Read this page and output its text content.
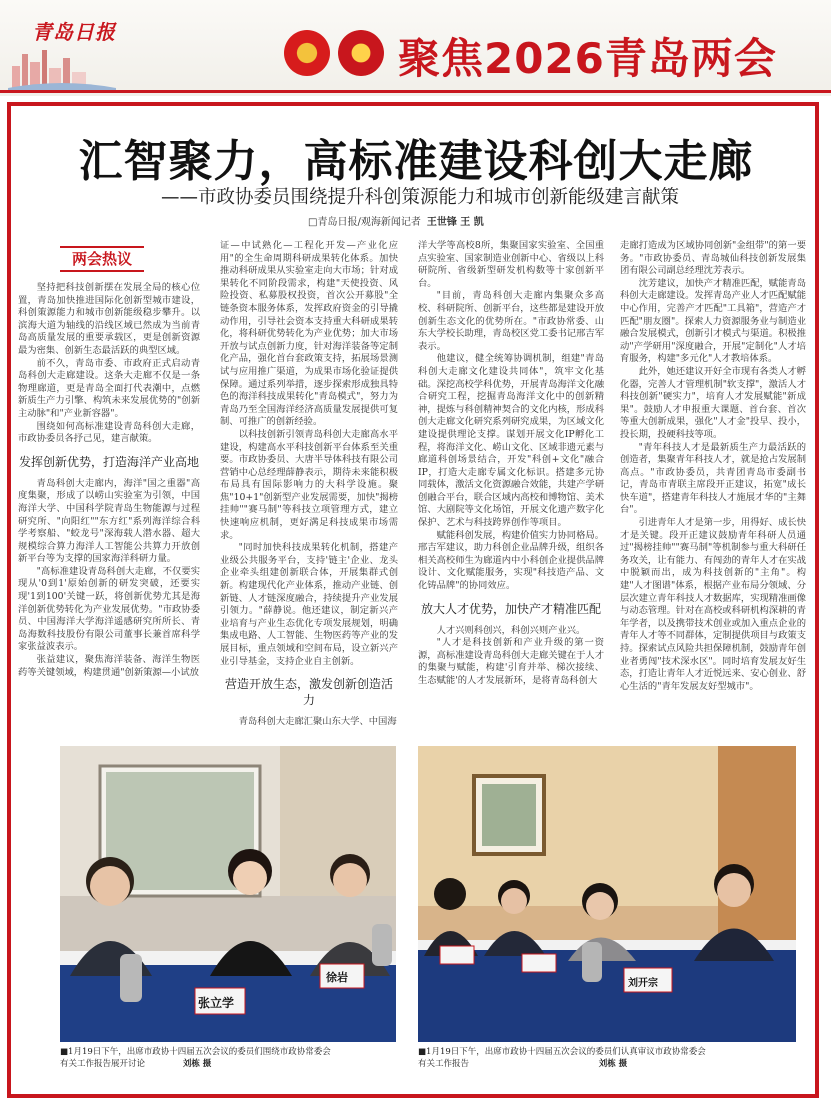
青岛日报
聚焦2026青岛两会
汇智聚力，高标准建设科创大走廊
——市政协委员围绕提升科创策源能力和城市创新能级建言献策
□青岛日报/观海新闻记者 王世锋 王 凯
两会热议

坚持把科技创新摆在发展全局的核心位置，青岛加快推进国际化创新型城市建设，科创策源能力和城市创新能级稳步攀升。以滨海大道为轴线的沿线区域已然成为当前青岛高质量发展的重要承载区，更是创新资源最为密集、创新生态最活跃的典型区域。

前不久，青岛市委、市政府正式启动青岛科创大走廊建设。这条大走廊不仅是一条物理廊道，更是青岛全面打代表潮中，点燃新质生产力引擎、构筑未来发展优势的"创新主动脉"和"产业新容器"。

围绕如何高标准建设青岛科创大走廊，市政协委员各抒己见，建言献策。

发挥创新优势，打造海洋产业高地

青岛科创大走廊内，海洋"国之重器"高度集聚，形成了以崂山实验室为引领，中国海洋大学、中国科学院青岛生物能源与过程研究所、"向阳红""东方红"系列海洋综合科学考察船、"蛟龙号"深海载人潜水器、超大规模综合算力海洋人工智能公共算力开放创新平台等为支撑的国家海洋科研力量。

"高标准建设青岛科创大走廊，不仅要实现从'0到1'原始创新的研发突破，还要实现'1到100'关键一跃，将创新优势尤其是海洋创新优势转化为产业发展优势。"市政协委员、中国海洋大学海洋遥感研究所所长、青岛海数科技股份有限公司董事长兼首席科学家张益波表示。

张益建议，聚焦海洋装备、海洋生物医药等关键领域，构建贯通"创新策源—小试放

证—中试熟化—工程化开发—产业化应用"的全生命周期科研成果转化体系。加快推动科研成果从实验室走向大市场；针对成果转化不同阶段需求，构建"天使投资、风险投资、私募股权投资，首次公开募股"全链条资本服务体系，发挥政府资金的引导撬动作用，引导社会资本支持重大科研成果转化，将科研优势转化为产业优势；加大市场开放与试点创新力度，针对海洋装备等定制化产品，强化首台套政策支持，拓展场景测试与应用推广渠道，为成果市场化验证提供保障。通过系列举措，逐步探索形成独具特色的海洋科技成果转化"青岛模式"，努力为青岛乃至全国海洋经济高质量发展提供可复制、可推广的创新经验。

以科技创新引领青岛科创大走廊高水平建设，构建高水平科技创新平台体系至关重要。市政协委员、大唐半导体科技有限公司营销中心总经理薛静表示，期待未来能积极布局具有国际影响力的大科学设施。聚焦"10+1"创新型产业发展需要，加快"揭榜挂帅""赛马制"等科技立项管理方式，建立快速响应机制，更好满足科技成果市场需求。

"同时加快科技成果转化机制，搭建产业级公共服务平台，支持'链主'企业、龙头企业牵头组建创新联合体，开展集群式创新。构建现代化产业体系，推动产业链、创新链、人才链深度融合，持续提升产业发展引领力。"薛静说。他还建议，制定新兴产业培育与产业生态优化专项发展规划，明确集成电路、人工智能、生物医药等产业的发展目标，重点领域和空间布局，设立新兴产业引导基金，支持企业自主创新。

营造开放生态，激发创新创造活力

青岛科创大走廊汇聚山东大学、中国海

洋大学等高校8所，集聚国家实验室、全国重点实验室、国家制造业创新中心、省级以上科研院所、省级新型研发机构数等十家创新平台。

"目前，青岛科创大走廊内集聚众多高校、科研院所、创新平台，这些都是建设开放创新生态文化的优势所在。"市政协常委、山东大学校长助理，青岛校区党工委书记邢吉军表示。

他建议，健全统筹协调机制，组建"青岛科创大走廊文化建设共同体"，筑牢文化基础。深挖高校学科优势，开展青岛海洋文化融合研究工程，挖掘青岛海洋文化中的创新精神，提炼与科创精神契合的文化内核，形成科创大走廊文化研究系列研究成果，为区域文化建设提供理论支撑。谋划开展文化IP孵化工程，将海洋文化、崂山文化、区域非遗元素与廊道科创场景结合，开发"科创+文化"融合IP，打造大走廊专属文化标识。搭建多元协同载体，激活文化资源融合效能，共建产学研创融合平台，联合区域内高校和博物馆、美术馆、大剧院等文化场馆，开展文化遗产数字化保护、艺术与科技跨界创作等项目。

赋能科创发展，构建价值实力协同格局。邢吉军建议，助力科创企业品牌升级，组织各相关高校师生为廊道内中小科创企业提供品牌设计、文化赋能服务，实现"科技造产品、文化铸品牌"的协同效应。

放大人才优势，加快产才精准匹配

人才兴则科创兴，科创兴则产业兴。

"人才是科技创新和产业升级的第一资源，高标准建设青岛科创大走廊关键在于人才的集聚与赋能，构建'引育并举、梯次接续、生态赋能'的人才发展新环，是将青岛科创大

走廊打造成为区域协同创新"金组带"的第一要务。"市政协委员、青岛城仙科技创新发展集团有限公司副总经理沈芳表示。

沈芳建议，加快产才精准匹配，赋能青岛科创大走廊建设。发挥青岛产业人才匹配赋能中心作用，完善产才匹配"工具箱"，营造产才匹配"朋友圈"。探索人力资源服务业与制造业融合发展模式，创新引才模式与渠道。积极推动"产学研用"深度融合，开展"定制化"人才培育服务，构建"多元化"人才教培体系。

此外，她还建议开好全市现有各类人才孵化器，完善人才管理机制"软支撑"，激活人才科技创新"硬实力"，培育人才发展赋能"新成果"。鼓励人才申报重大课题、首台套、首次等重大创新成果，强化"人才金"投早、投小，投长期，投硬科技等项。

"青年科技人才是最新质生产力最活跃的创造者，集聚青年科技人才，就是抢占发展制高点。"市政协委员，共青团青岛市委副书记，青岛市青联主席段开正建议，拓宽"成长快车道"，搭建青年科技人才施展才华的"主舞台"。

引进青年人才是第一步，用得好、成长快才是关键。段开正建议鼓励青年科研人员通过"揭榜挂帅""赛马制"等机制参与重大科研任务攻关，让有能力、有闯劲的青年人才在实战中脱颖而出，成为科技创新的"主角"。构建"人才图谱"体系，根据产业布局分领域、分层次建立青年科技人才数据库，实现精准画像与动态管理。针对在高校或科研机构深耕的青年学者，以及携带技术创业或加入重点企业的青年人才等不同群体，定制提供项目与政策支持。探索试点风险共担保障机制，鼓励青年创业者勇闯"技术深水区"。同时培育发展友好生态，打造让青年人才近悦远来、安心创业、舒心生活的"青年发展友好型城市"。

张立学
徐岩
■1月19日下午，出席市政协十四届五次会议的委员们围绕市政协常委会
有关工作报告展开讨论	刘栋 摄
刘开宗
■1月19日下午，出席市政协十四届五次会议的委员们认真审议市政协常委会
有关工作报告	刘栋 摄
